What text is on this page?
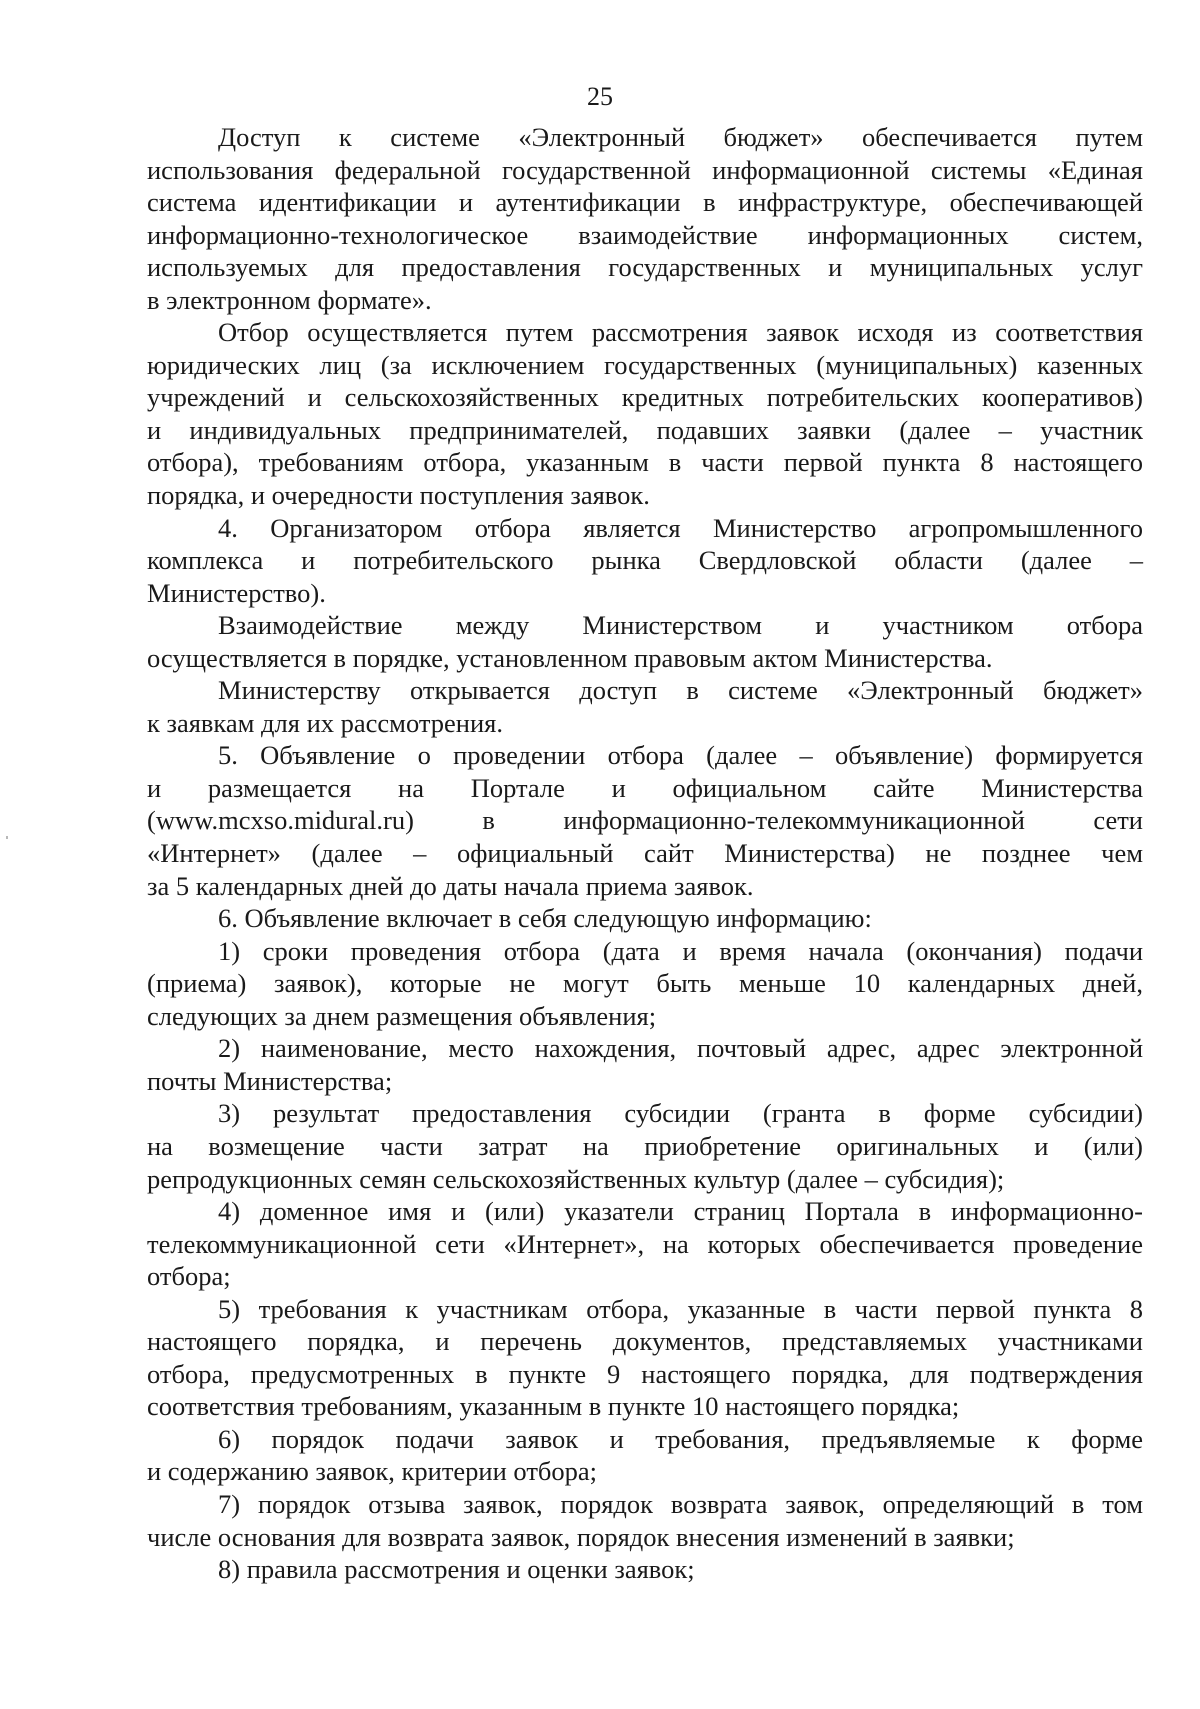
25
Доступ к системе «Электронный бюджет» обеспечивается путем
использования федеральной государственной информационной системы «Единая
система идентификации и аутентификации в инфраструктуре, обеспечивающей
информационно-технологическое взаимодействие информационных систем,
используемых для предоставления государственных и муниципальных услуг
в электронном формате».
Отбор осуществляется путем рассмотрения заявок исходя из соответствия
юридических лиц (за исключением государственных (муниципальных) казенных
учреждений и сельскохозяйственных кредитных потребительских кооперативов)
и индивидуальных предпринимателей, подавших заявки (далее – участник
отбора), требованиям отбора, указанным в части первой пункта 8 настоящего
порядка, и очередности поступления заявок.
4. Организатором отбора является Министерство агропромышленного
комплекса и потребительского рынка Свердловской области (далее –
Министерство).
Взаимодействие между Министерством и участником отбора
осуществляется в порядке, установленном правовым актом Министерства.
Министерству открывается доступ в системе «Электронный бюджет»
к заявкам для их рассмотрения.
5. Объявление о проведении отбора (далее – объявление) формируется
и размещается на Портале и официальном сайте Министерства
(www.mcxso.midural.ru) в информационно-телекоммуникационной сети
«Интернет» (далее – официальный сайт Министерства) не позднее чем
за 5 календарных дней до даты начала приема заявок.
6. Объявление включает в себя следующую информацию:
1) сроки проведения отбора (дата и время начала (окончания) подачи
(приема) заявок), которые не могут быть меньше 10 календарных дней,
следующих за днем размещения объявления;
2) наименование, место нахождения, почтовый адрес, адрес электронной
почты Министерства;
3) результат предоставления субсидии (гранта в форме субсидии)
на возмещение части затрат на приобретение оригинальных и (или)
репродукционных семян сельскохозяйственных культур (далее – субсидия);
4) доменное имя и (или) указатели страниц Портала в информационно-
телекоммуникационной сети «Интернет», на которых обеспечивается проведение
отбора;
5) требования к участникам отбора, указанные в части первой пункта 8
настоящего порядка, и перечень документов, представляемых участниками
отбора, предусмотренных в пункте 9 настоящего порядка, для подтверждения
соответствия требованиям, указанным в пункте 10 настоящего порядка;
6) порядок подачи заявок и требования, предъявляемые к форме
и содержанию заявок, критерии отбора;
7) порядок отзыва заявок, порядок возврата заявок, определяющий в том
числе основания для возврата заявок, порядок внесения изменений в заявки;
8) правила рассмотрения и оценки заявок;
